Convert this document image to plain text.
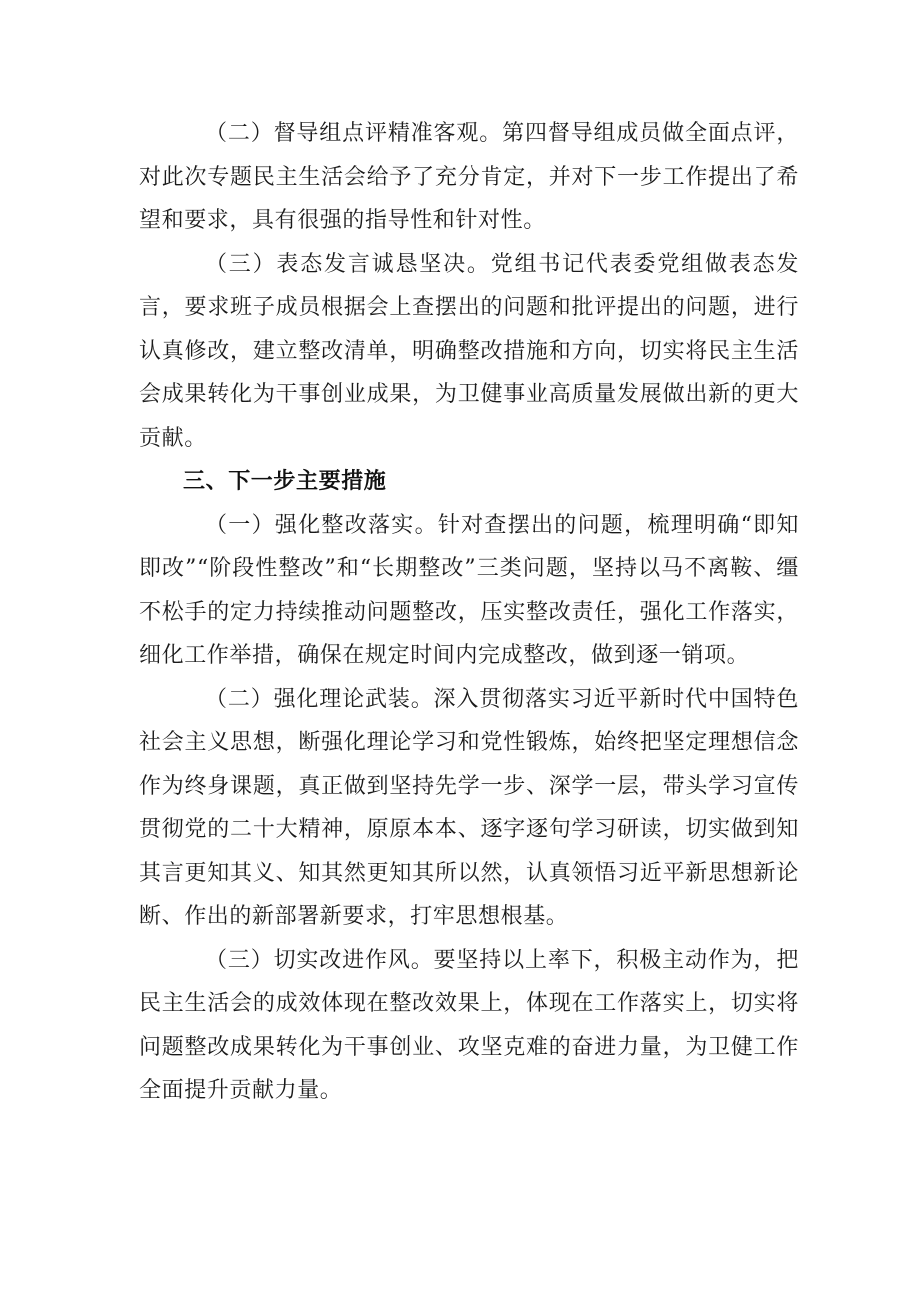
（二）督导组点评精准客观。第四督导组成员做全面点评，对此次专题民主生活会给予了充分肯定，并对下一步工作提出了希望和要求，具有很强的指导性和针对性。

（三）表态发言诚恳坚决。党组书记代表委党组做表态发言，要求班子成员根据会上查摆出的问题和批评提出的问题，进行认真修改，建立整改清单，明确整改措施和方向，切实将民主生活会成果转化为干事创业成果，为卫健事业高质量发展做出新的更大贡献。

三、下一步主要措施

（一）强化整改落实。针对查摆出的问题，梳理明确“即知即改”“阶段性整改”和“长期整改”三类问题，坚持以马不离鞍、缰不松手的定力持续推动问题整改，压实整改责任，强化工作落实，细化工作举措，确保在规定时间内完成整改，做到逐一销项。

（二）强化理论武装。深入贯彻落实习近平新时代中国特色社会主义思想，断强化理论学习和党性锻炼，始终把坚定理想信念作为终身课题，真正做到坚持先学一步、深学一层，带头学习宣传贯彻党的二十大精神，原原本本、逐字逐句学习研读，切实做到知其言更知其义、知其然更知其所以然，认真领悟习近平新思想新论断、作出的新部署新要求，打牢思想根基。

（三）切实改进作风。要坚持以上率下，积极主动作为，把民主生活会的成效体现在整改效果上，体现在工作落实上，切实将问题整改成果转化为干事创业、攻坚克难的奋进力量，为卫健工作全面提升贡献力量。
